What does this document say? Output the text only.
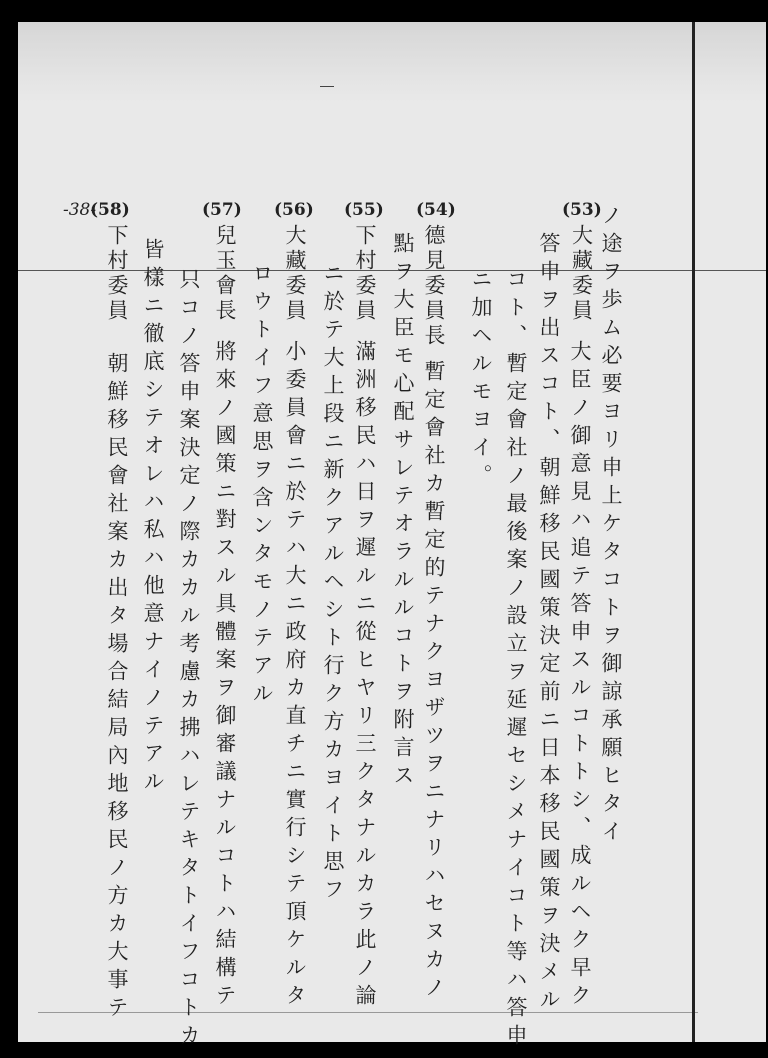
-38-
(58)	(57) (56) (55) (54)	(53)
ノ途ヲ歩ム必要ヨリ申上ケタコトヲ御諒承願ヒタイ
大藏委員
大臣ノ御意見ハ追テ答申スルコトトシ、成ルヘク早ク
答申ヲ出スコト、朝鮮移民國策決定前ニ日本移民國策ヲ決メル
コト、暫定會社ノ最後案ノ設立ヲ延遲セシメナイコト等ハ答申
ニ加ヘルモヨイ。
德見委員長
暫定會社カ暫定的テナクヨザツヲニナリハセヌカノ
點ヲ大臣モ心配サレテオラルルコトヲ附言ス
下村委員
滿洲移民ハ日ヲ遲ルニ從ヒヤリ三クタナルカラ此ノ論
ニ於テ大上段ニ新クアルヘシト行ク方カヨイト思フ
大藏委員
小委員會ニ於テハ大ニ政府カ直チニ實行シテ頂ケルタ
ロウトイフ意思ヲ含ンタモノテアル
兒玉會長
將來ノ國策ニ對スル具體案ヲ御審議ナルコトハ結構テ
只コノ答申案決定ノ際カカル考慮カ拂ハレテキタトイフコトカ
皆樣ニ徹底シテオレハ私ハ他意ナイノテアル
下村委員
朝鮮移民會社案カ出タ場合結局內地移民ノ方カ大事テ
